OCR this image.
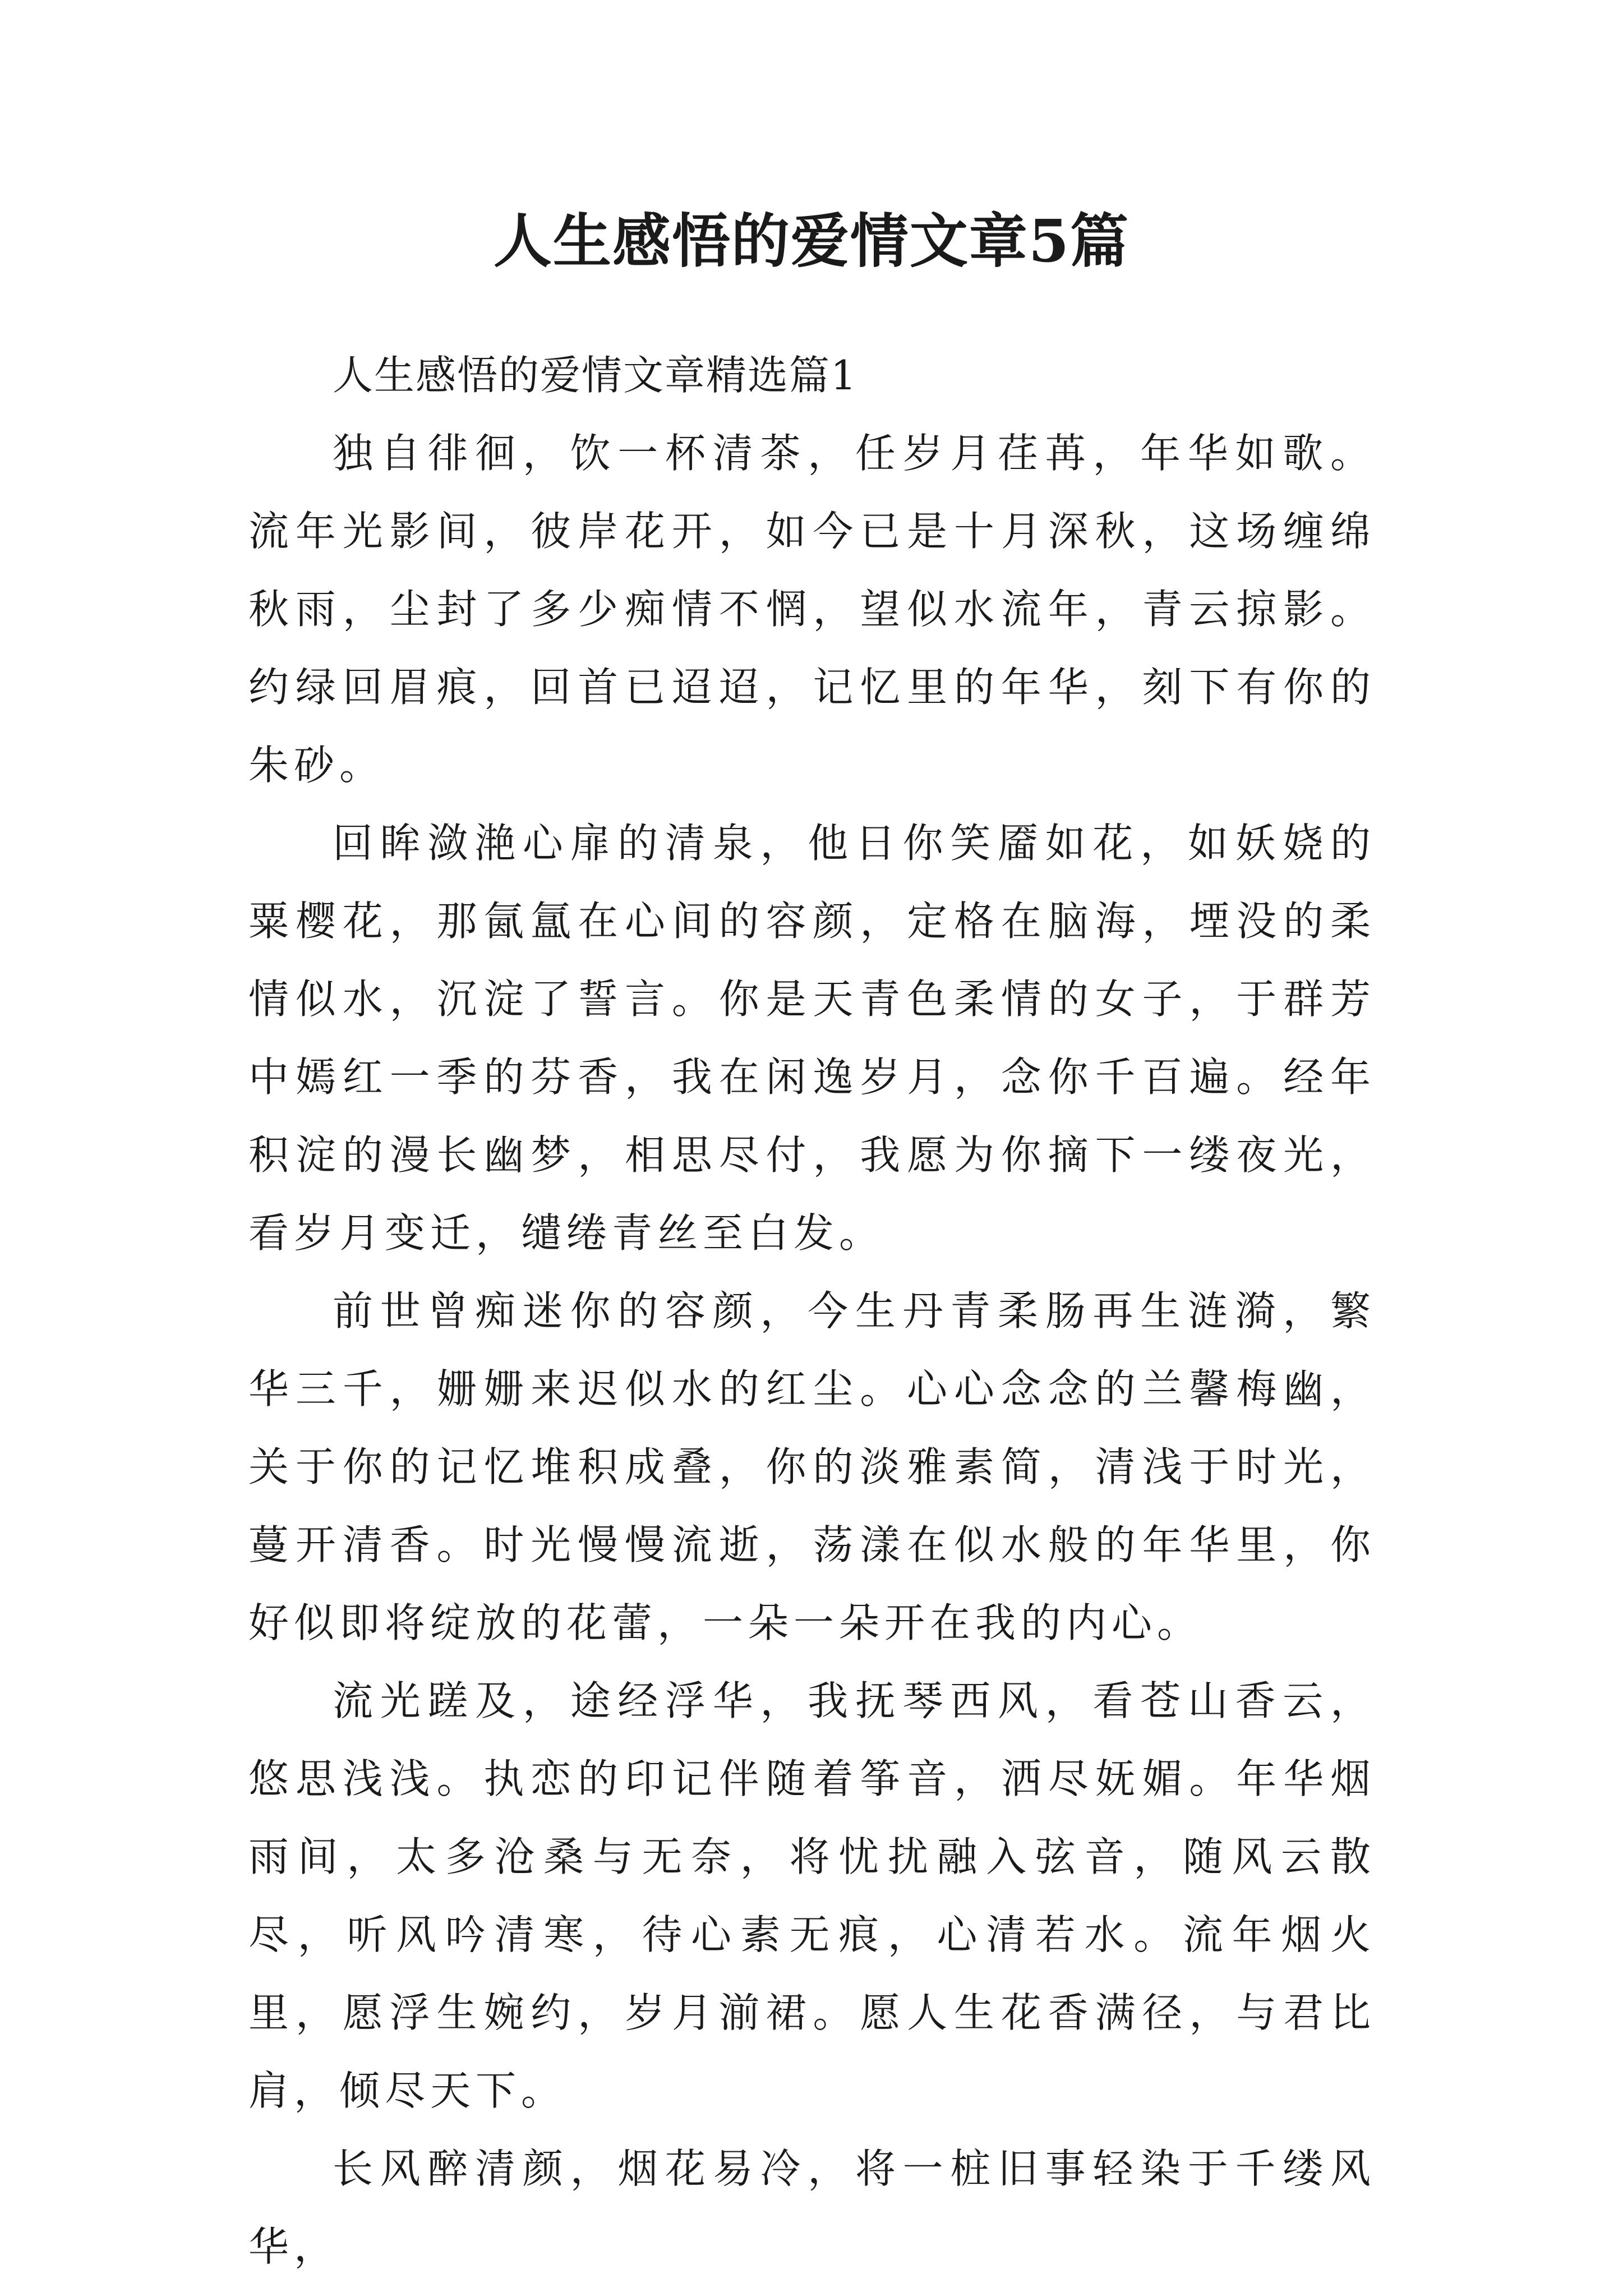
人生感悟的爱情文章5篇

人生感悟的爱情文章精选篇1

独自徘徊，饮一杯清茶，任岁月荏苒，年华如歌。流年光影间，彼岸花开，如今已是十月深秋，这场缠绵秋雨，尘封了多少痴情不惘，望似水流年，青云掠影。约绿回眉痕，回首已迢迢，记忆里的年华，刻下有你的朱砂。

回眸潋滟心扉的清泉，他日你笑靥如花，如妖娆的粟樱花，那氤氲在心间的容颜，定格在脑海，堙没的柔情似水，沉淀了誓言。你是天青色柔情的女子，于群芳中嫣红一季的芬香，我在闲逸岁月，念你千百遍。经年积淀的漫长幽梦，相思尽付，我愿为你摘下一缕夜光，看岁月变迁，缱绻青丝至白发。

前世曾痴迷你的容颜，今生丹青柔肠再生涟漪，繁华三千，姗姗来迟似水的红尘。心心念念的兰馨梅幽，关于你的记忆堆积成叠，你的淡雅素简，清浅于时光，蔓开清香。时光慢慢流逝，荡漾在似水般的年华里，你好似即将绽放的花蕾，一朵一朵开在我的内心。

流光蹉及，途经浮华，我抚琴西风，看苍山香云，悠思浅浅。执恋的印记伴随着筝音，洒尽妩媚。年华烟雨间，太多沧桑与无奈，将忧扰融入弦音，随风云散尽，听风吟清寒，待心素无痕，心清若水。流年烟火里，愿浮生婉约，岁月湔裙。愿人生花香满径，与君比肩，倾尽天下。

长风醉清颜，烟花易冷，将一桩旧事轻染于千缕风华，
